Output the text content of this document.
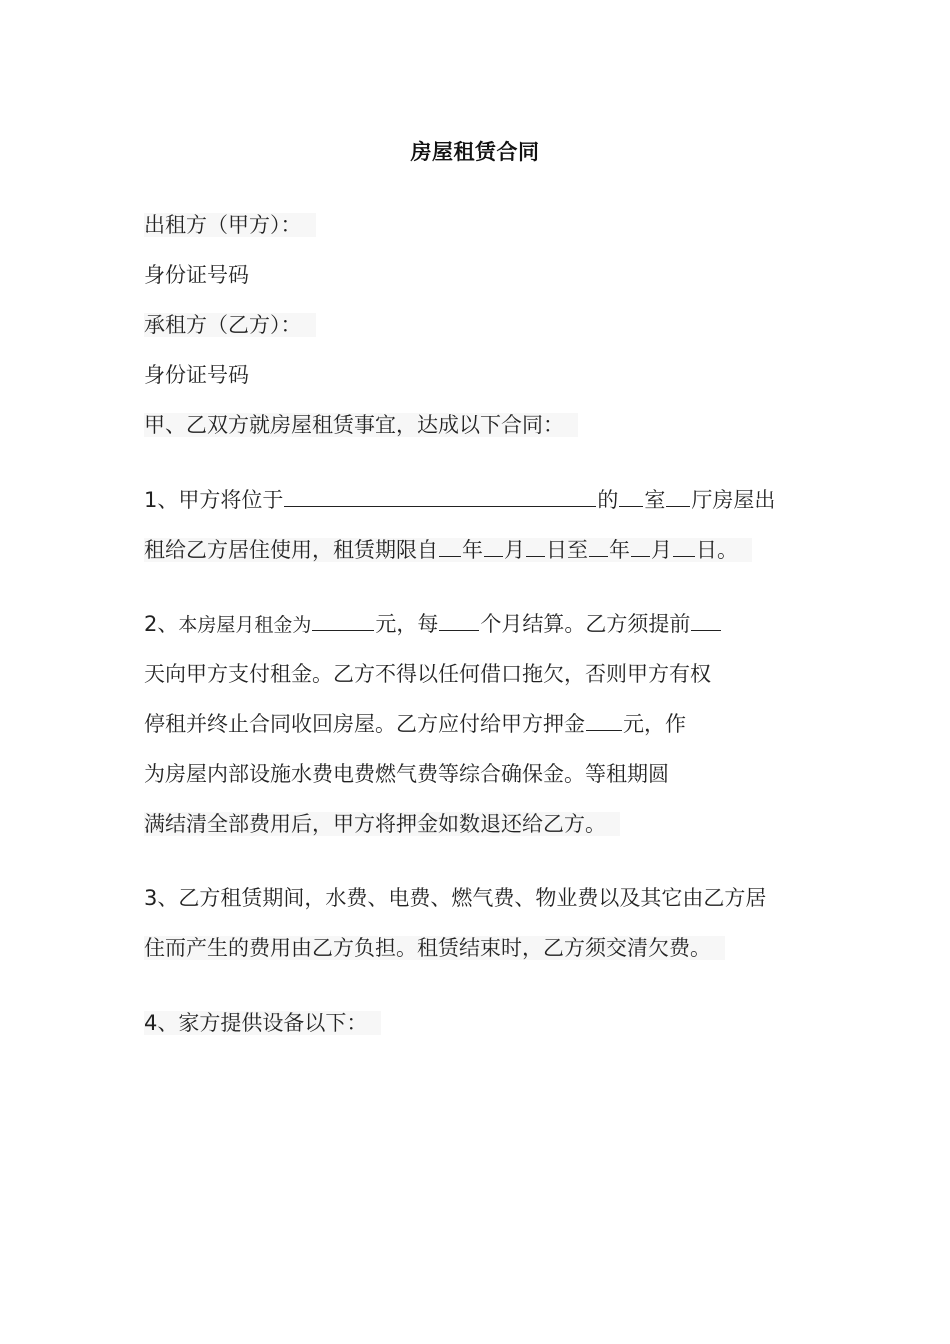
房屋租赁合同
出租方（甲方）：
身份证号码
承租方（乙方）：
身份证号码
甲、乙双方就房屋租赁事宜，达成以下合同：
1、甲方将位于	的 室 厅房屋出
租给乙方居住使用，租赁期限自 年 月 日至 年 月 日。
2、本房屋月租金为	元，每 个月结算。乙方须提前
天向甲方支付租金。乙方不得以任何借口拖欠，否则甲方有权
停租并终止合同收回房屋。乙方应付给甲方押金 元，作
为房屋内部设施水费电费燃气费等综合确保金。等租期圆
满结清全部费用后，甲方将押金如数退还给乙方。
3、乙方租赁期间，水费、电费、燃气费、物业费以及其它由乙方居
住而产生的费用由乙方负担。租赁结束时，乙方须交清欠费。
4、家方提供设备以下：
